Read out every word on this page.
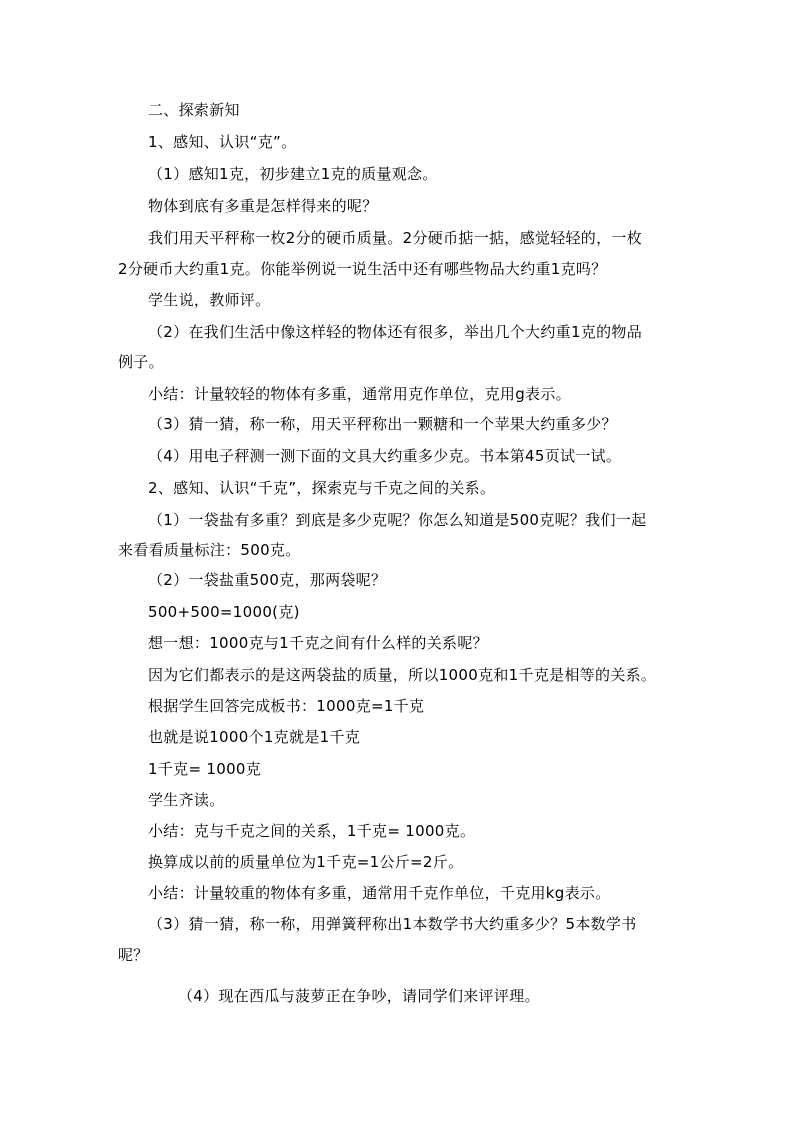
二、探索新知
1、感知、认识“克”。
（1）感知1克，初步建立1克的质量观念。
物体到底有多重是怎样得来的呢？
我们用天平秤称一枚2分的硬币质量。2分硬币掂一掂，感觉轻轻的，一枚
2分硬币大约重1克。你能举例说一说生活中还有哪些物品大约重1克吗？
学生说，教师评。
（2）在我们生活中像这样轻的物体还有很多，举出几个大约重1克的物品
例子。
小结：计量较轻的物体有多重，通常用克作单位，克用g表示。
（3）猜一猜，称一称，用天平秤称出一颗糖和一个苹果大约重多少？
（4）用电子秤测一测下面的文具大约重多少克。书本第45页试一试。
2、感知、认识“千克”，探索克与千克之间的关系。
（1）一袋盐有多重？到底是多少克呢？你怎么知道是500克呢？我们一起
来看看质量标注：500克。
（2）一袋盐重500克，那两袋呢？
500+500=1000(克)
想一想：1000克与1千克之间有什么样的关系呢？
因为它们都表示的是这两袋盐的质量，所以1000克和1千克是相等的关系。
根据学生回答完成板书：1000克=1千克
也就是说1000个1克就是1千克
1千克= 1000克
学生齐读。
小结：克与千克之间的关系，1千克= 1000克。
换算成以前的质量单位为1千克=1公斤=2斤。
小结：计量较重的物体有多重，通常用千克作单位，千克用kg表示。
（3）猜一猜，称一称，用弹簧秤称出1本数学书大约重多少？5本数学书
呢？
（4）现在西瓜与菠萝正在争吵，请同学们来评评理。
